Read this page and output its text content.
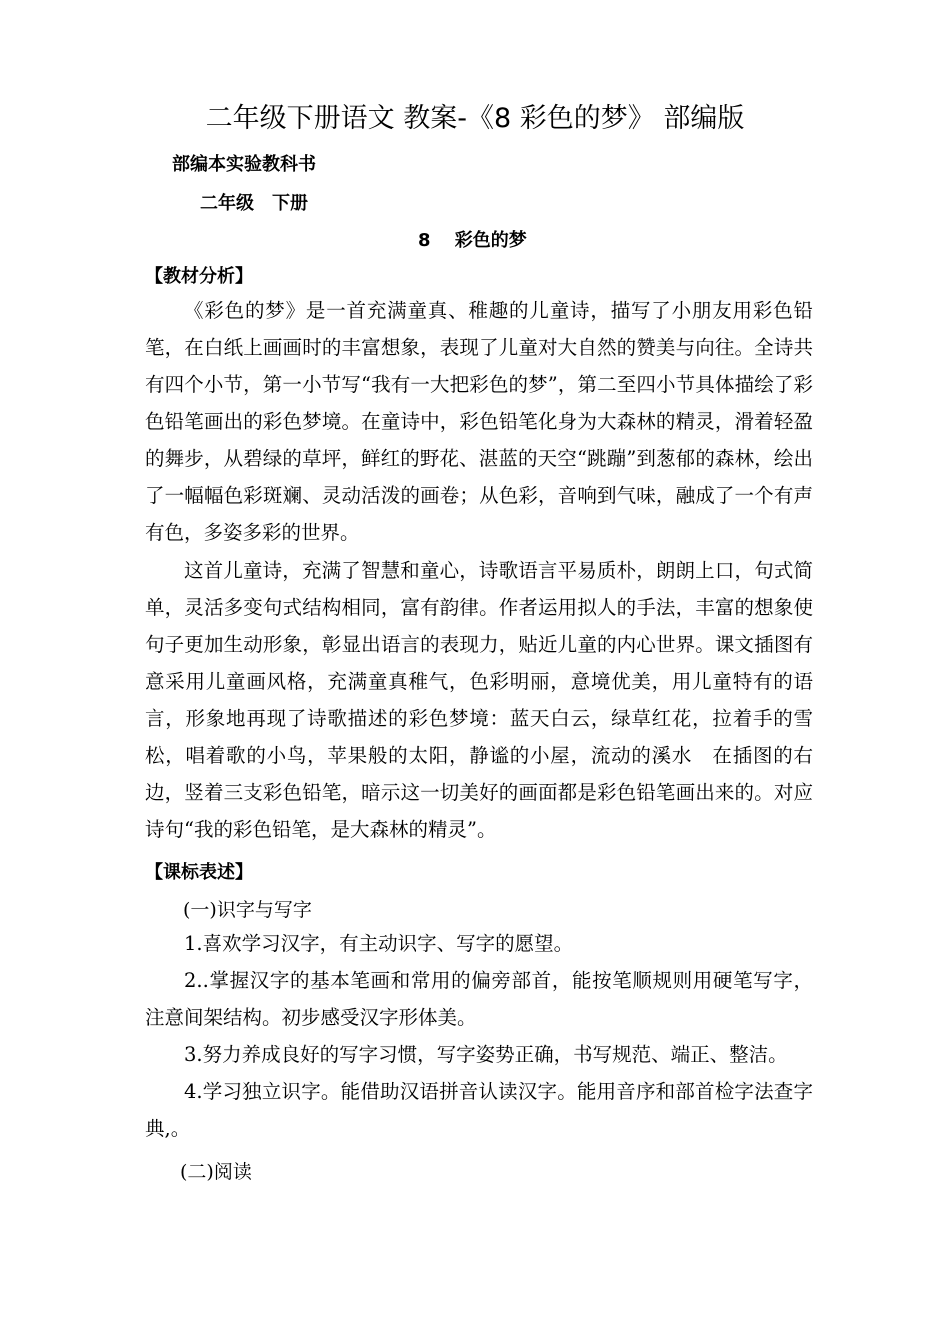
二年级下册语文 教案-《8 彩色的梦》 部编版
部编本实验教科书
二年级　下册
8　 彩色的梦
【教材分析】
《彩色的梦》是一首充满童真、稚趣的儿童诗，描写了小朋友用彩色铅笔，在白纸上画画时的丰富想象，表现了儿童对大自然的赞美与向往。全诗共有四个小节，第一小节写“我有一大把彩色的梦”，第二至四小节具体描绘了彩色铅笔画出的彩色梦境。在童诗中，彩色铅笔化身为大森林的精灵，滑着轻盈的舞步，从碧绿的草坪，鲜红的野花、湛蓝的天空“跳蹦”到葱郁的森林，绘出了一幅幅色彩斑斓、灵动活泼的画卷；从色彩，音响到气味，融成了一个有声有色，多姿多彩的世界。
这首儿童诗，充满了智慧和童心，诗歌语言平易质朴，朗朗上口，句式简单，灵活多变句式结构相同，富有韵律。作者运用拟人的手法，丰富的想象使句子更加生动形象，彰显出语言的表现力，贴近儿童的内心世界。课文插图有意采用儿童画风格，充满童真稚气，色彩明丽，意境优美，用儿童特有的语言，形象地再现了诗歌描述的彩色梦境：蓝天白云，绿草红花，拉着手的雪松，唱着歌的小鸟，苹果般的太阳，静谧的小屋，流动的溪水　在插图的右边，竖着三支彩色铅笔，暗示这一切美好的画面都是彩色铅笔画出来的。对应诗句“我的彩色铅笔，是大森林的精灵”。
【课标表述】
(一)识字与写字
1.喜欢学习汉字，有主动识字、写字的愿望。
2..掌握汉字的基本笔画和常用的偏旁部首，能按笔顺规则用硬笔写字，注意间架结构。初步感受汉字形体美。
3.努力养成良好的写字习惯，写字姿势正确，书写规范、端正、整洁。
4.学习独立识字。能借助汉语拼音认读汉字。能用音序和部首检字法查字典,。
(二)阅读
